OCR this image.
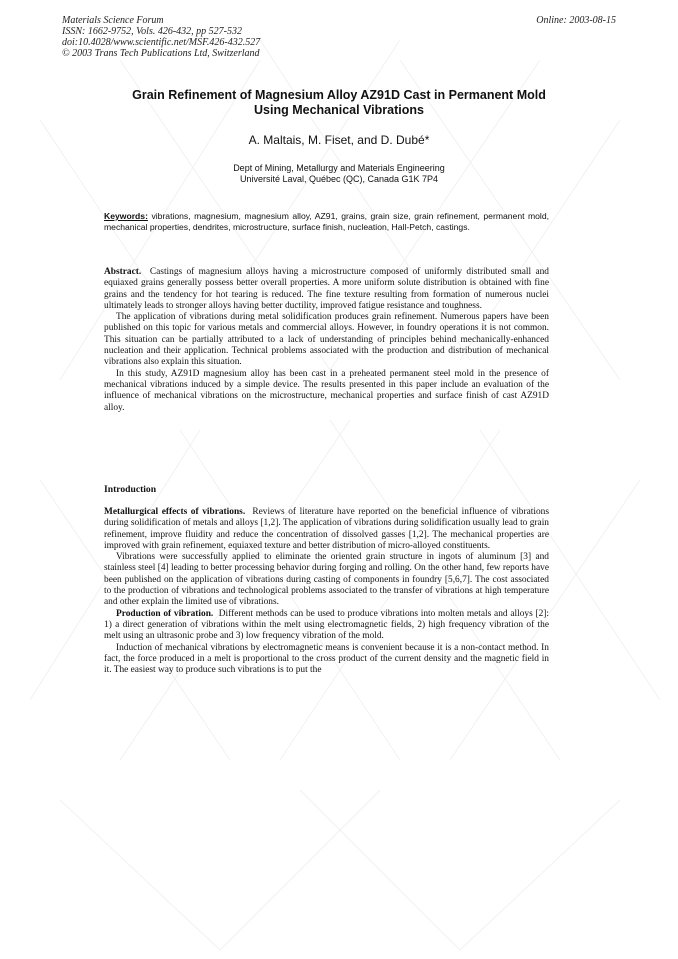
Materials Science Forum
ISSN: 1662-9752, Vols. 426-432, pp 527-532
doi:10.4028/www.scientific.net/MSF.426-432.527
© 2003 Trans Tech Publications Ltd, Switzerland
Online: 2003-08-15
Grain Refinement of Magnesium Alloy AZ91D Cast in Permanent Mold
Using Mechanical Vibrations
A. Maltais, M. Fiset, and D. Dubé*
Dept of Mining, Metallurgy and Materials Engineering
Université Laval, Québec (QC), Canada G1K 7P4
Keywords: vibrations, magnesium, magnesium alloy, AZ91, grains, grain size, grain refinement, permanent mold, mechanical properties, dendrites, microstructure, surface finish, nucleation, Hall-Petch, castings.

Abstract. Castings of magnesium alloys having a microstructure composed of uniformly distributed small and equiaxed grains generally possess better overall properties. A more uniform solute distribution is obtained with fine grains and the tendency for hot tearing is reduced. The fine texture resulting from formation of numerous nuclei ultimately leads to stronger alloys having better ductility, improved fatigue resistance and toughness.

The application of vibrations during metal solidification produces grain refinement. Numerous papers have been published on this topic for various metals and commercial alloys. However, in foundry operations it is not common. This situation can be partially attributed to a lack of understanding of principles behind mechanically-enhanced nucleation and their application. Technical problems associated with the production and distribution of mechanical vibrations also explain this situation.

In this study, AZ91D magnesium alloy has been cast in a preheated permanent steel mold in the presence of mechanical vibrations induced by a simple device. The results presented in this paper include an evaluation of the influence of mechanical vibrations on the microstructure, mechanical properties and surface finish of cast AZ91D alloy.

Introduction

Metallurgical effects of vibrations. Reviews of literature have reported on the beneficial influence of vibrations during solidification of metals and alloys [1,2]. The application of vibrations during solidification usually lead to grain refinement, improve fluidity and reduce the concentration of dissolved gasses [1,2]. The mechanical properties are improved with grain refinement, equiaxed texture and better distribution of micro-alloyed constituents.

Vibrations were successfully applied to eliminate the oriented grain structure in ingots of aluminum [3] and stainless steel [4] leading to better processing behavior during forging and rolling. On the other hand, few reports have been published on the application of vibrations during casting of components in foundry [5,6,7]. The cost associated to the production of vibrations and technological problems associated to the transfer of vibrations at high temperature and other explain the limited use of vibrations.

Production of vibration. Different methods can be used to produce vibrations into molten metals and alloys [2]: 1) a direct generation of vibrations within the melt using electromagnetic fields, 2) high frequency vibration of the melt using an ultrasonic probe and 3) low frequency vibration of the mold.

Induction of mechanical vibrations by electromagnetic means is convenient because it is a non-contact method. In fact, the force produced in a melt is proportional to the cross product of the current density and the magnetic field in it. The easiest way to produce such vibrations is to put the
